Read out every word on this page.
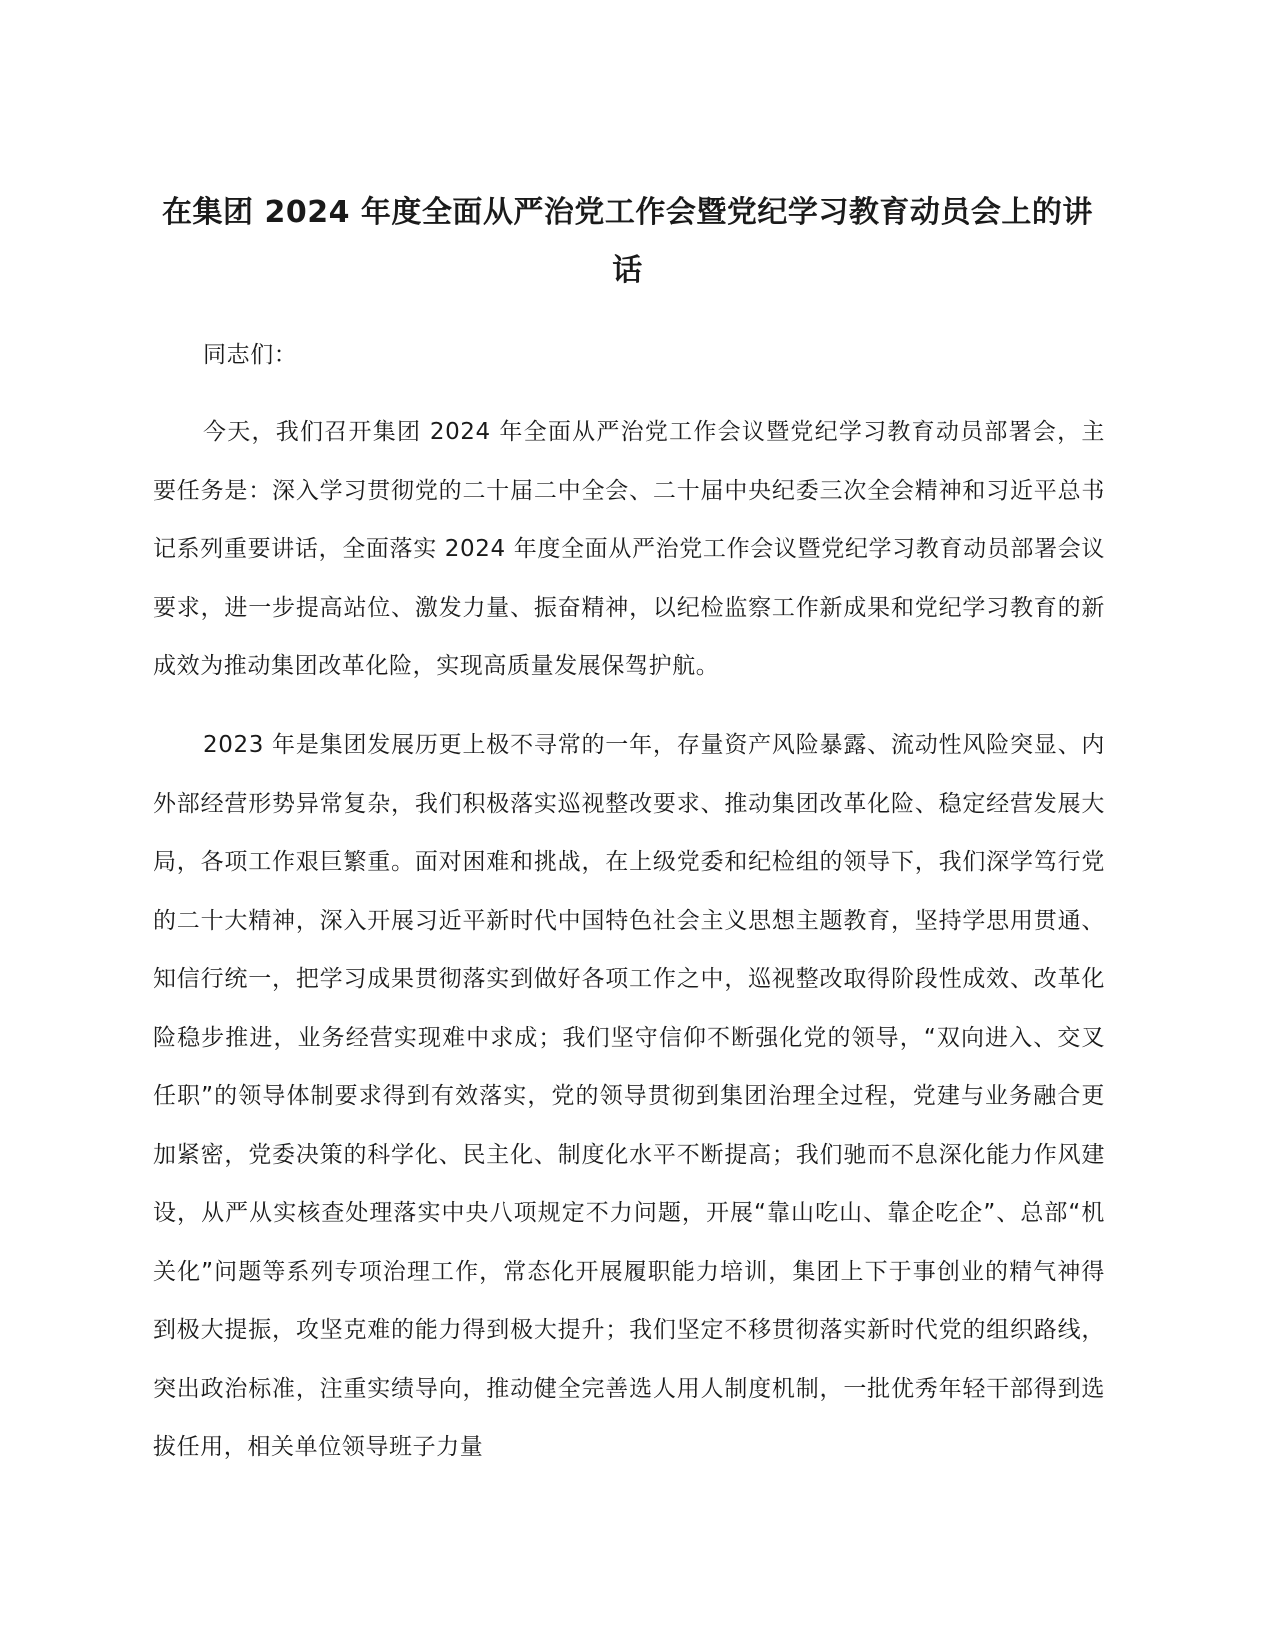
在集团 2024 年度全面从严治党工作会暨党纪学习教育动员会上的讲话

同志们：

今天，我们召开集团 2024 年全面从严治党工作会议暨党纪学习教育动员部署会，主要任务是：深入学习贯彻党的二十届二中全会、二十届中央纪委三次全会精神和习近平总书记系列重要讲话，全面落实 2024 年度全面从严治党工作会议暨党纪学习教育动员部署会议要求，进一步提高站位、激发力量、振奋精神，以纪检监察工作新成果和党纪学习教育的新成效为推动集团改革化险，实现高质量发展保驾护航。

2023 年是集团发展历更上极不寻常的一年，存量资产风险暴露、流动性风险突显、内外部经营形势异常复杂，我们积极落实巡视整改要求、推动集团改革化险、稳定经营发展大局，各项工作艰巨繁重。面对困难和挑战，在上级党委和纪检组的领导下，我们深学笃行党的二十大精神，深入开展习近平新时代中国特色社会主义思想主题教育，坚持学思用贯通、知信行统一，把学习成果贯彻落实到做好各项工作之中，巡视整改取得阶段性成效、改革化险稳步推进，业务经营实现难中求成；我们坚守信仰不断强化党的领导，“双向进入、交叉任职”的领导体制要求得到有效落实，党的领导贯彻到集团治理全过程，党建与业务融合更加紧密，党委决策的科学化、民主化、制度化水平不断提高；我们驰而不息深化能力作风建设，从严从实核查处理落实中央八项规定不力问题，开展“靠山吃山、靠企吃企”、总部“机关化”问题等系列专项治理工作，常态化开展履职能力培训，集团上下于事创业的精气神得到极大提振，攻坚克难的能力得到极大提升；我们坚定不移贯彻落实新时代党的组织路线，突出政治标准，注重实绩导向，推动健全完善选人用人制度机制，一批优秀年轻干部得到选拔任用，相关单位领导班子力量
